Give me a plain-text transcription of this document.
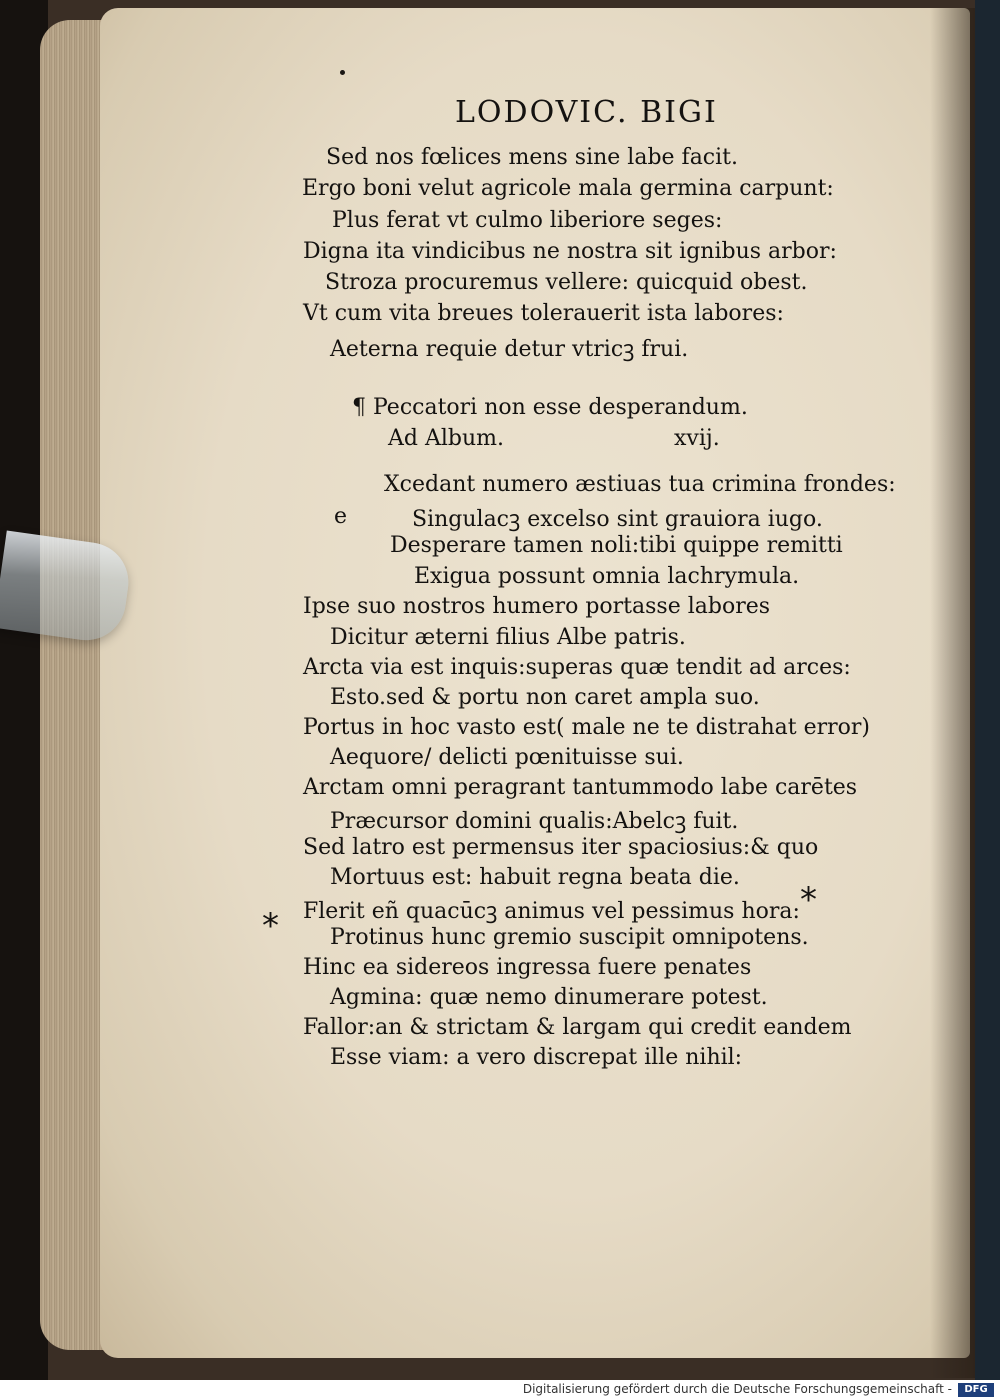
LODOVIC. BIGI
Sed nos fœlices mens sine labe facit.
Ergo boni velut agricole mala germina carpunt:
Plus ferat vt culmo liberiore seges:
Digna ita vindicibus ne nostra sit ignibus arbor:
Stroza procuremus vellere: quicquid obest.
Vt cum vita breues tolerauerit ista labores:
Aeterna requie detur vtricꝫ frui.
¶ Peccatori non esse desperandum.
Ad Album.	xvij.
e
Xcedant numero æstiuas tua crimina frondes:
Singulacꝫ excelso sint grauiora iugo.
Desperare tamen noli:tibi quippe remitti
Exigua possunt omnia lachrymula.
Ipse suo nostros humero portasse labores
Dicitur æterni filius Albe patris.
Arcta via est inquis:superas quæ tendit ad arces:
Esto.sed & portu non caret ampla suo.
Portus in hoc vasto est( male ne te distrahat error)
Aequore/ delicti pœnituisse sui.
Arctam omni peragrant tantummodo labe carētes
Præcursor domini qualis:Abelcꝫ fuit.
Sed latro est permensus iter spaciosius:& quo
Mortuus est: habuit regna beata die.
Flerit eñ quacūcꝫ animus vel pessimus hora:
Protinus hunc gremio suscipit omnipotens.
Hinc ea sidereos ingressa fuere penates
Agmina: quæ nemo dinumerare potest.
Fallor:an & strictam & largam qui credit eandem
Esse viam: a vero discrepat ille nihil:
*
*
Digitalisierung gefördert durch die Deutsche Forschungsgemeinschaft -	DFG
